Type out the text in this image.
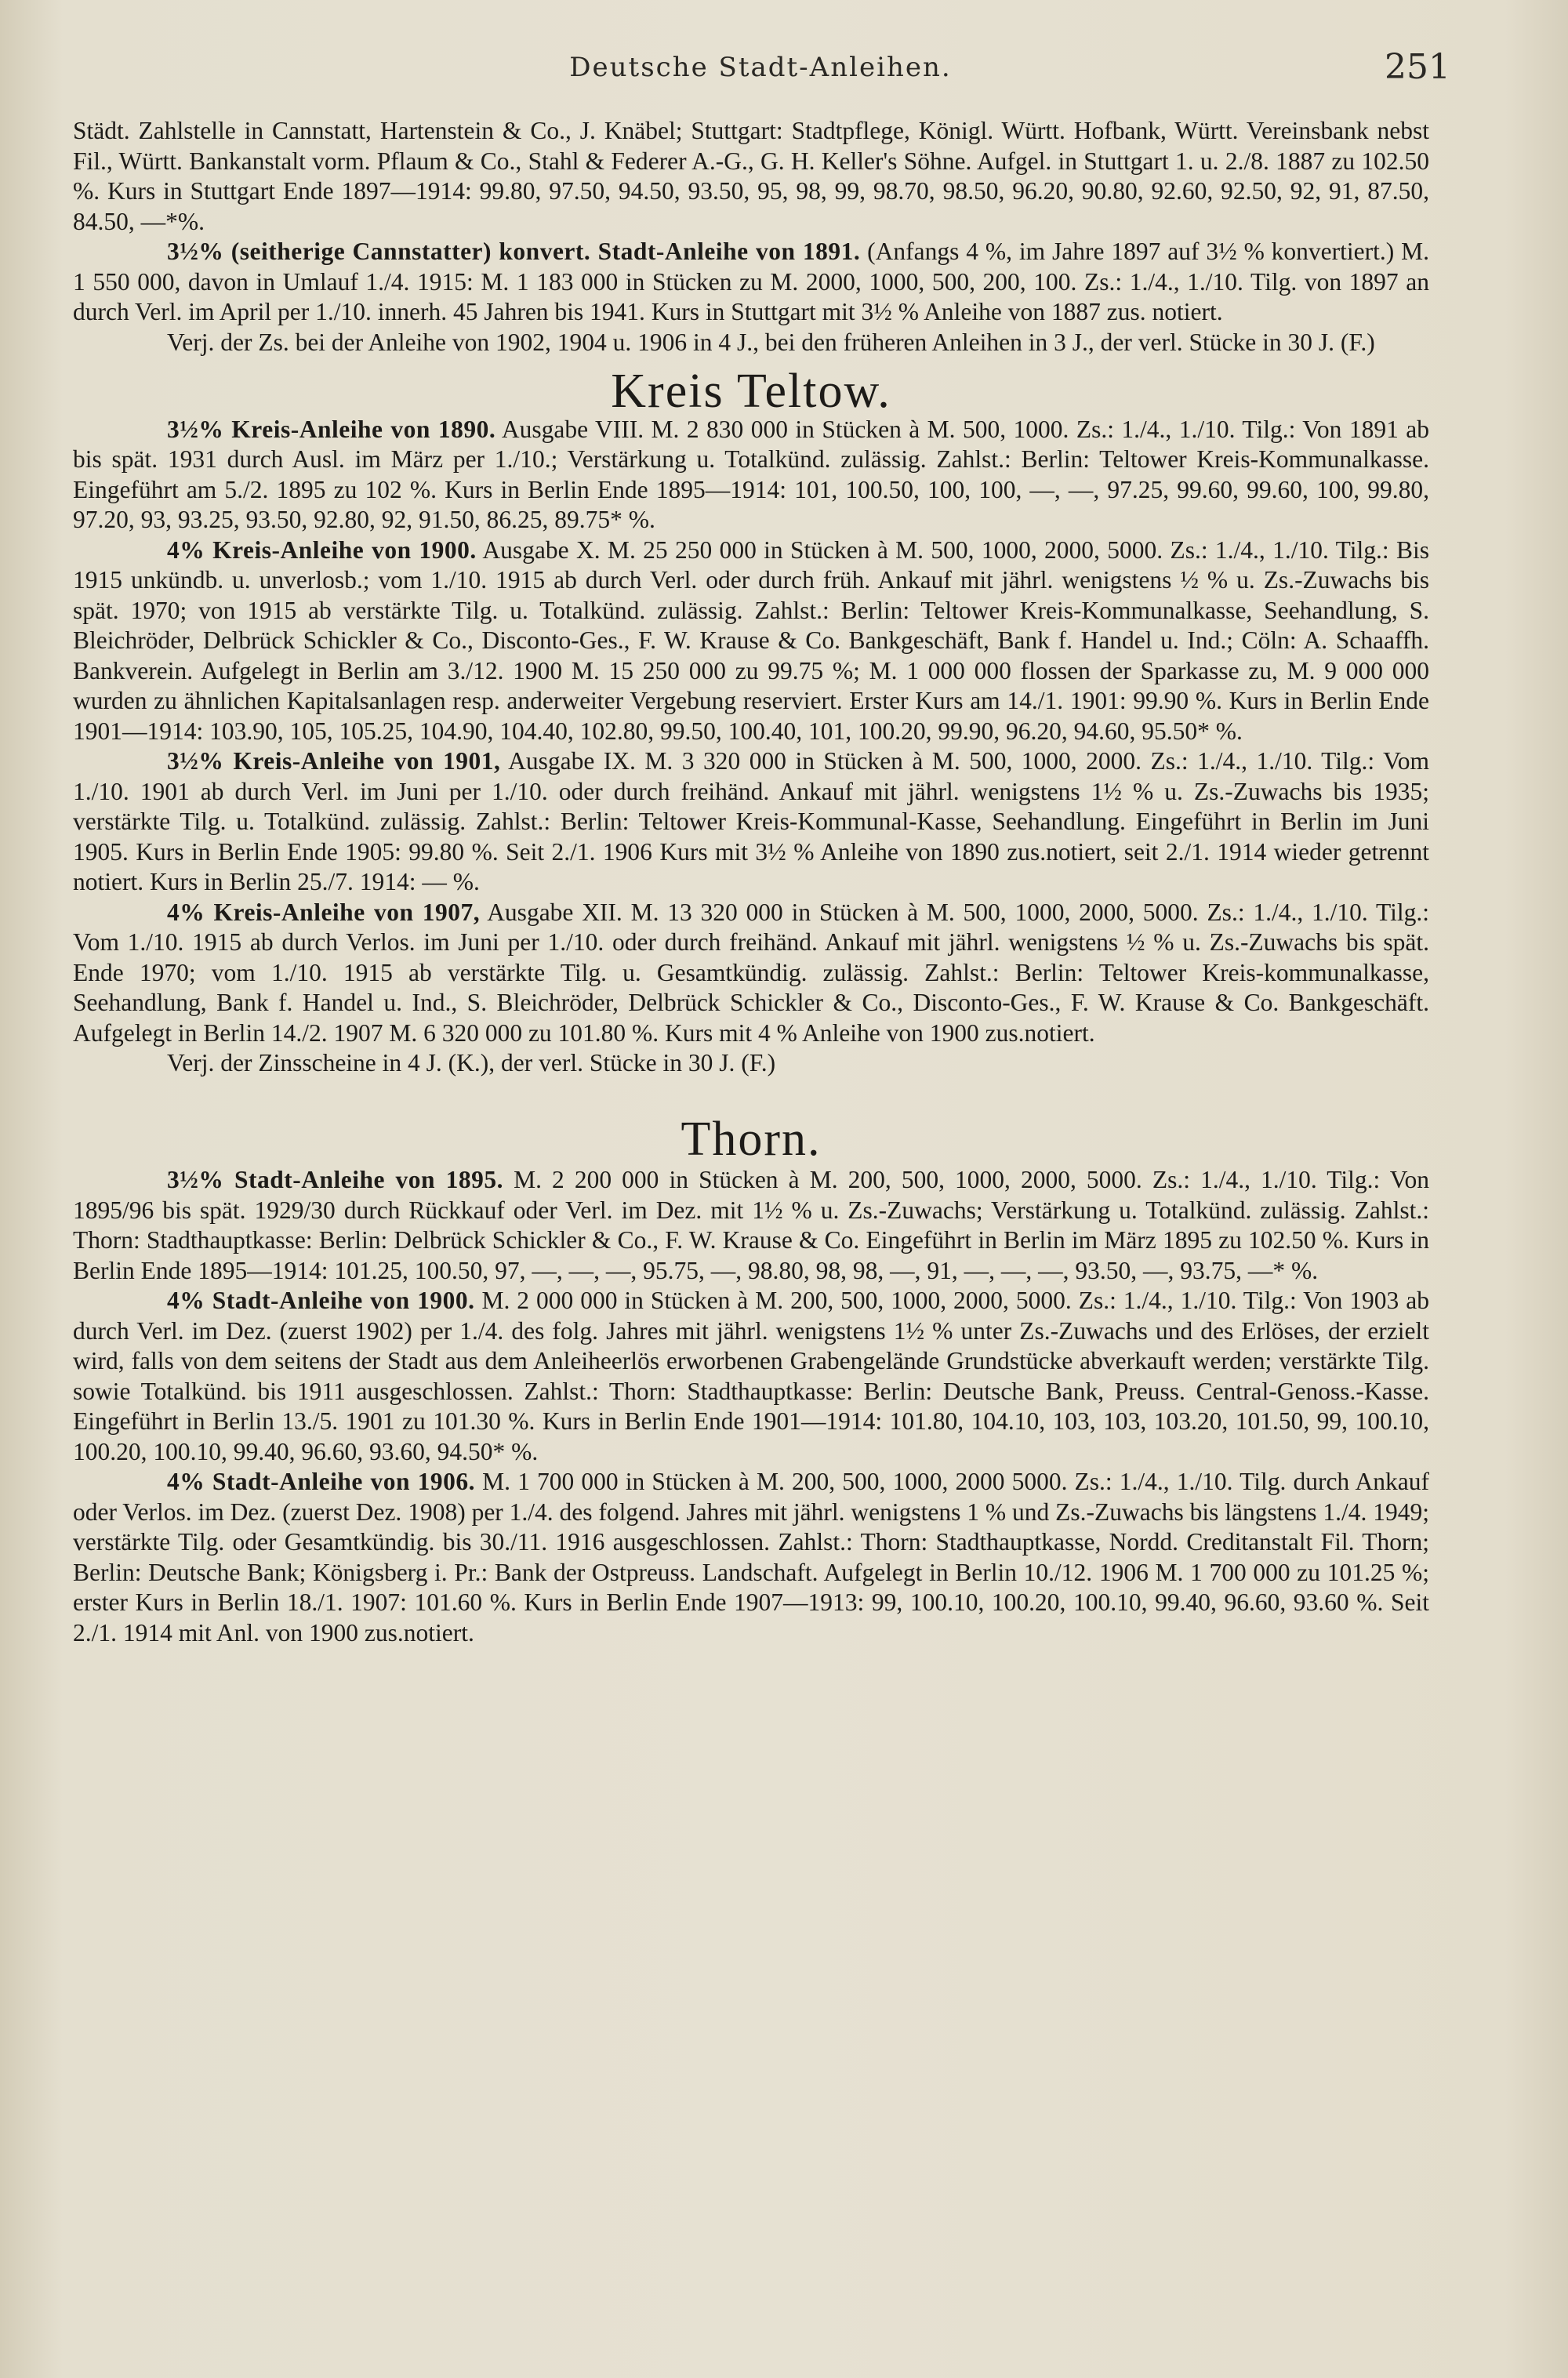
Deutsche Stadt-Anleihen.	251

Städt. Zahlstelle in Cannstatt, Hartenstein & Co., J. Knäbel; Stuttgart: Stadtpflege, Königl. Württ. Hofbank, Württ. Vereinsbank nebst Fil., Württ. Bankanstalt vorm. Pflaum & Co., Stahl & Federer A.-G., G. H. Keller's Söhne. Aufgel. in Stuttgart 1. u. 2./8. 1887 zu 102.50 %. Kurs in Stuttgart Ende 1897—1914: 99.80, 97.50, 94.50, 93.50, 95, 98, 99, 98.70, 98.50, 96.20, 90.80, 92.60, 92.50, 92, 91, 87.50, 84.50, —*%.

3½% (seitherige Cannstatter) konvert. Stadt-Anleihe von 1891. (Anfangs 4 %, im Jahre 1897 auf 3½ % konvertiert.) M. 1 550 000, davon in Umlauf 1./4. 1915: M. 1 183 000 in Stücken zu M. 2000, 1000, 500, 200, 100. Zs.: 1./4., 1./10. Tilg. von 1897 an durch Verl. im April per 1./10. innerh. 45 Jahren bis 1941. Kurs in Stuttgart mit 3½ % Anleihe von 1887 zus. notiert.

Verj. der Zs. bei der Anleihe von 1902, 1904 u. 1906 in 4 J., bei den früheren Anleihen in 3 J., der verl. Stücke in 30 J. (F.)

Kreis Teltow.

3½% Kreis-Anleihe von 1890. Ausgabe VIII. M. 2 830 000 in Stücken à M. 500, 1000. Zs.: 1./4., 1./10. Tilg.: Von 1891 ab bis spät. 1931 durch Ausl. im März per 1./10.; Verstärkung u. Totalkünd. zulässig. Zahlst.: Berlin: Teltower Kreis-Kommunalkasse. Eingeführt am 5./2. 1895 zu 102 %. Kurs in Berlin Ende 1895—1914: 101, 100.50, 100, 100, —, —, 97.25, 99.60, 99.60, 100, 99.80, 97.20, 93, 93.25, 93.50, 92.80, 92, 91.50, 86.25, 89.75* %.

4% Kreis-Anleihe von 1900. Ausgabe X. M. 25 250 000 in Stücken à M. 500, 1000, 2000, 5000. Zs.: 1./4., 1./10. Tilg.: Bis 1915 unkündb. u. unverlosb.; vom 1./10. 1915 ab durch Verl. oder durch früh. Ankauf mit jährl. wenigstens ½ % u. Zs.-Zuwachs bis spät. 1970; von 1915 ab verstärkte Tilg. u. Totalkünd. zulässig. Zahlst.: Berlin: Teltower Kreis-Kommunalkasse, Seehandlung, S. Bleichröder, Delbrück Schickler & Co., Disconto-Ges., F. W. Krause & Co. Bankgeschäft, Bank f. Handel u. Ind.; Cöln: A. Schaaffh. Bankverein. Aufgelegt in Berlin am 3./12. 1900 M. 15 250 000 zu 99.75 %; M. 1 000 000 flossen der Sparkasse zu, M. 9 000 000 wurden zu ähnlichen Kapitalsanlagen resp. anderweiter Vergebung reserviert. Erster Kurs am 14./1. 1901: 99.90 %. Kurs in Berlin Ende 1901—1914: 103.90, 105, 105.25, 104.90, 104.40, 102.80, 99.50, 100.40, 101, 100.20, 99.90, 96.20, 94.60, 95.50* %.

3½% Kreis-Anleihe von 1901, Ausgabe IX. M. 3 320 000 in Stücken à M. 500, 1000, 2000. Zs.: 1./4., 1./10. Tilg.: Vom 1./10. 1901 ab durch Verl. im Juni per 1./10. oder durch freihänd. Ankauf mit jährl. wenigstens 1½ % u. Zs.-Zuwachs bis 1935; verstärkte Tilg. u. Totalkünd. zulässig. Zahlst.: Berlin: Teltower Kreis-Kommunal-Kasse, Seehandlung. Eingeführt in Berlin im Juni 1905. Kurs in Berlin Ende 1905: 99.80 %. Seit 2./1. 1906 Kurs mit 3½ % Anleihe von 1890 zus.notiert, seit 2./1. 1914 wieder getrennt notiert. Kurs in Berlin 25./7. 1914: — %.

4% Kreis-Anleihe von 1907, Ausgabe XII. M. 13 320 000 in Stücken à M. 500, 1000, 2000, 5000. Zs.: 1./4., 1./10. Tilg.: Vom 1./10. 1915 ab durch Verlos. im Juni per 1./10. oder durch freihänd. Ankauf mit jährl. wenigstens ½ % u. Zs.-Zuwachs bis spät. Ende 1970; vom 1./10. 1915 ab verstärkte Tilg. u. Gesamtkündig. zulässig. Zahlst.: Berlin: Teltower Kreis-kommunalkasse, Seehandlung, Bank f. Handel u. Ind., S. Bleichröder, Delbrück Schickler & Co., Disconto-Ges., F. W. Krause & Co. Bankgeschäft. Aufgelegt in Berlin 14./2. 1907 M. 6 320 000 zu 101.80 %. Kurs mit 4 % Anleihe von 1900 zus.notiert.

Verj. der Zinsscheine in 4 J. (K.), der verl. Stücke in 30 J. (F.)

Thorn.

3½% Stadt-Anleihe von 1895. M. 2 200 000 in Stücken à M. 200, 500, 1000, 2000, 5000. Zs.: 1./4., 1./10. Tilg.: Von 1895/96 bis spät. 1929/30 durch Rückkauf oder Verl. im Dez. mit 1½ % u. Zs.-Zuwachs; Verstärkung u. Totalkünd. zulässig. Zahlst.: Thorn: Stadthauptkasse: Berlin: Delbrück Schickler & Co., F. W. Krause & Co. Eingeführt in Berlin im März 1895 zu 102.50 %. Kurs in Berlin Ende 1895—1914: 101.25, 100.50, 97, —, —, —, 95.75, —, 98.80, 98, 98, —, 91, —, —, —, 93.50, —, 93.75, —* %.

4% Stadt-Anleihe von 1900. M. 2 000 000 in Stücken à M. 200, 500, 1000, 2000, 5000. Zs.: 1./4., 1./10. Tilg.: Von 1903 ab durch Verl. im Dez. (zuerst 1902) per 1./4. des folg. Jahres mit jährl. wenigstens 1½ % unter Zs.-Zuwachs und des Erlöses, der erzielt wird, falls von dem seitens der Stadt aus dem Anleiheerlös erworbenen Grabengelände Grundstücke abverkauft werden; verstärkte Tilg. sowie Totalkünd. bis 1911 ausgeschlossen. Zahlst.: Thorn: Stadthauptkasse: Berlin: Deutsche Bank, Preuss. Central-Genoss.-Kasse. Eingeführt in Berlin 13./5. 1901 zu 101.30 %. Kurs in Berlin Ende 1901—1914: 101.80, 104.10, 103, 103, 103.20, 101.50, 99, 100.10, 100.20, 100.10, 99.40, 96.60, 93.60, 94.50* %.

4% Stadt-Anleihe von 1906. M. 1 700 000 in Stücken à M. 200, 500, 1000, 2000 5000. Zs.: 1./4., 1./10. Tilg. durch Ankauf oder Verlos. im Dez. (zuerst Dez. 1908) per 1./4. des folgend. Jahres mit jährl. wenigstens 1 % und Zs.-Zuwachs bis längstens 1./4. 1949; verstärkte Tilg. oder Gesamtkündig. bis 30./11. 1916 ausgeschlossen. Zahlst.: Thorn: Stadthauptkasse, Nordd. Creditanstalt Fil. Thorn; Berlin: Deutsche Bank; Königsberg i. Pr.: Bank der Ostpreuss. Landschaft. Aufgelegt in Berlin 10./12. 1906 M. 1 700 000 zu 101.25 %; erster Kurs in Berlin 18./1. 1907: 101.60 %. Kurs in Berlin Ende 1907—1913: 99, 100.10, 100.20, 100.10, 99.40, 96.60, 93.60 %. Seit 2./1. 1914 mit Anl. von 1900 zus.notiert.
